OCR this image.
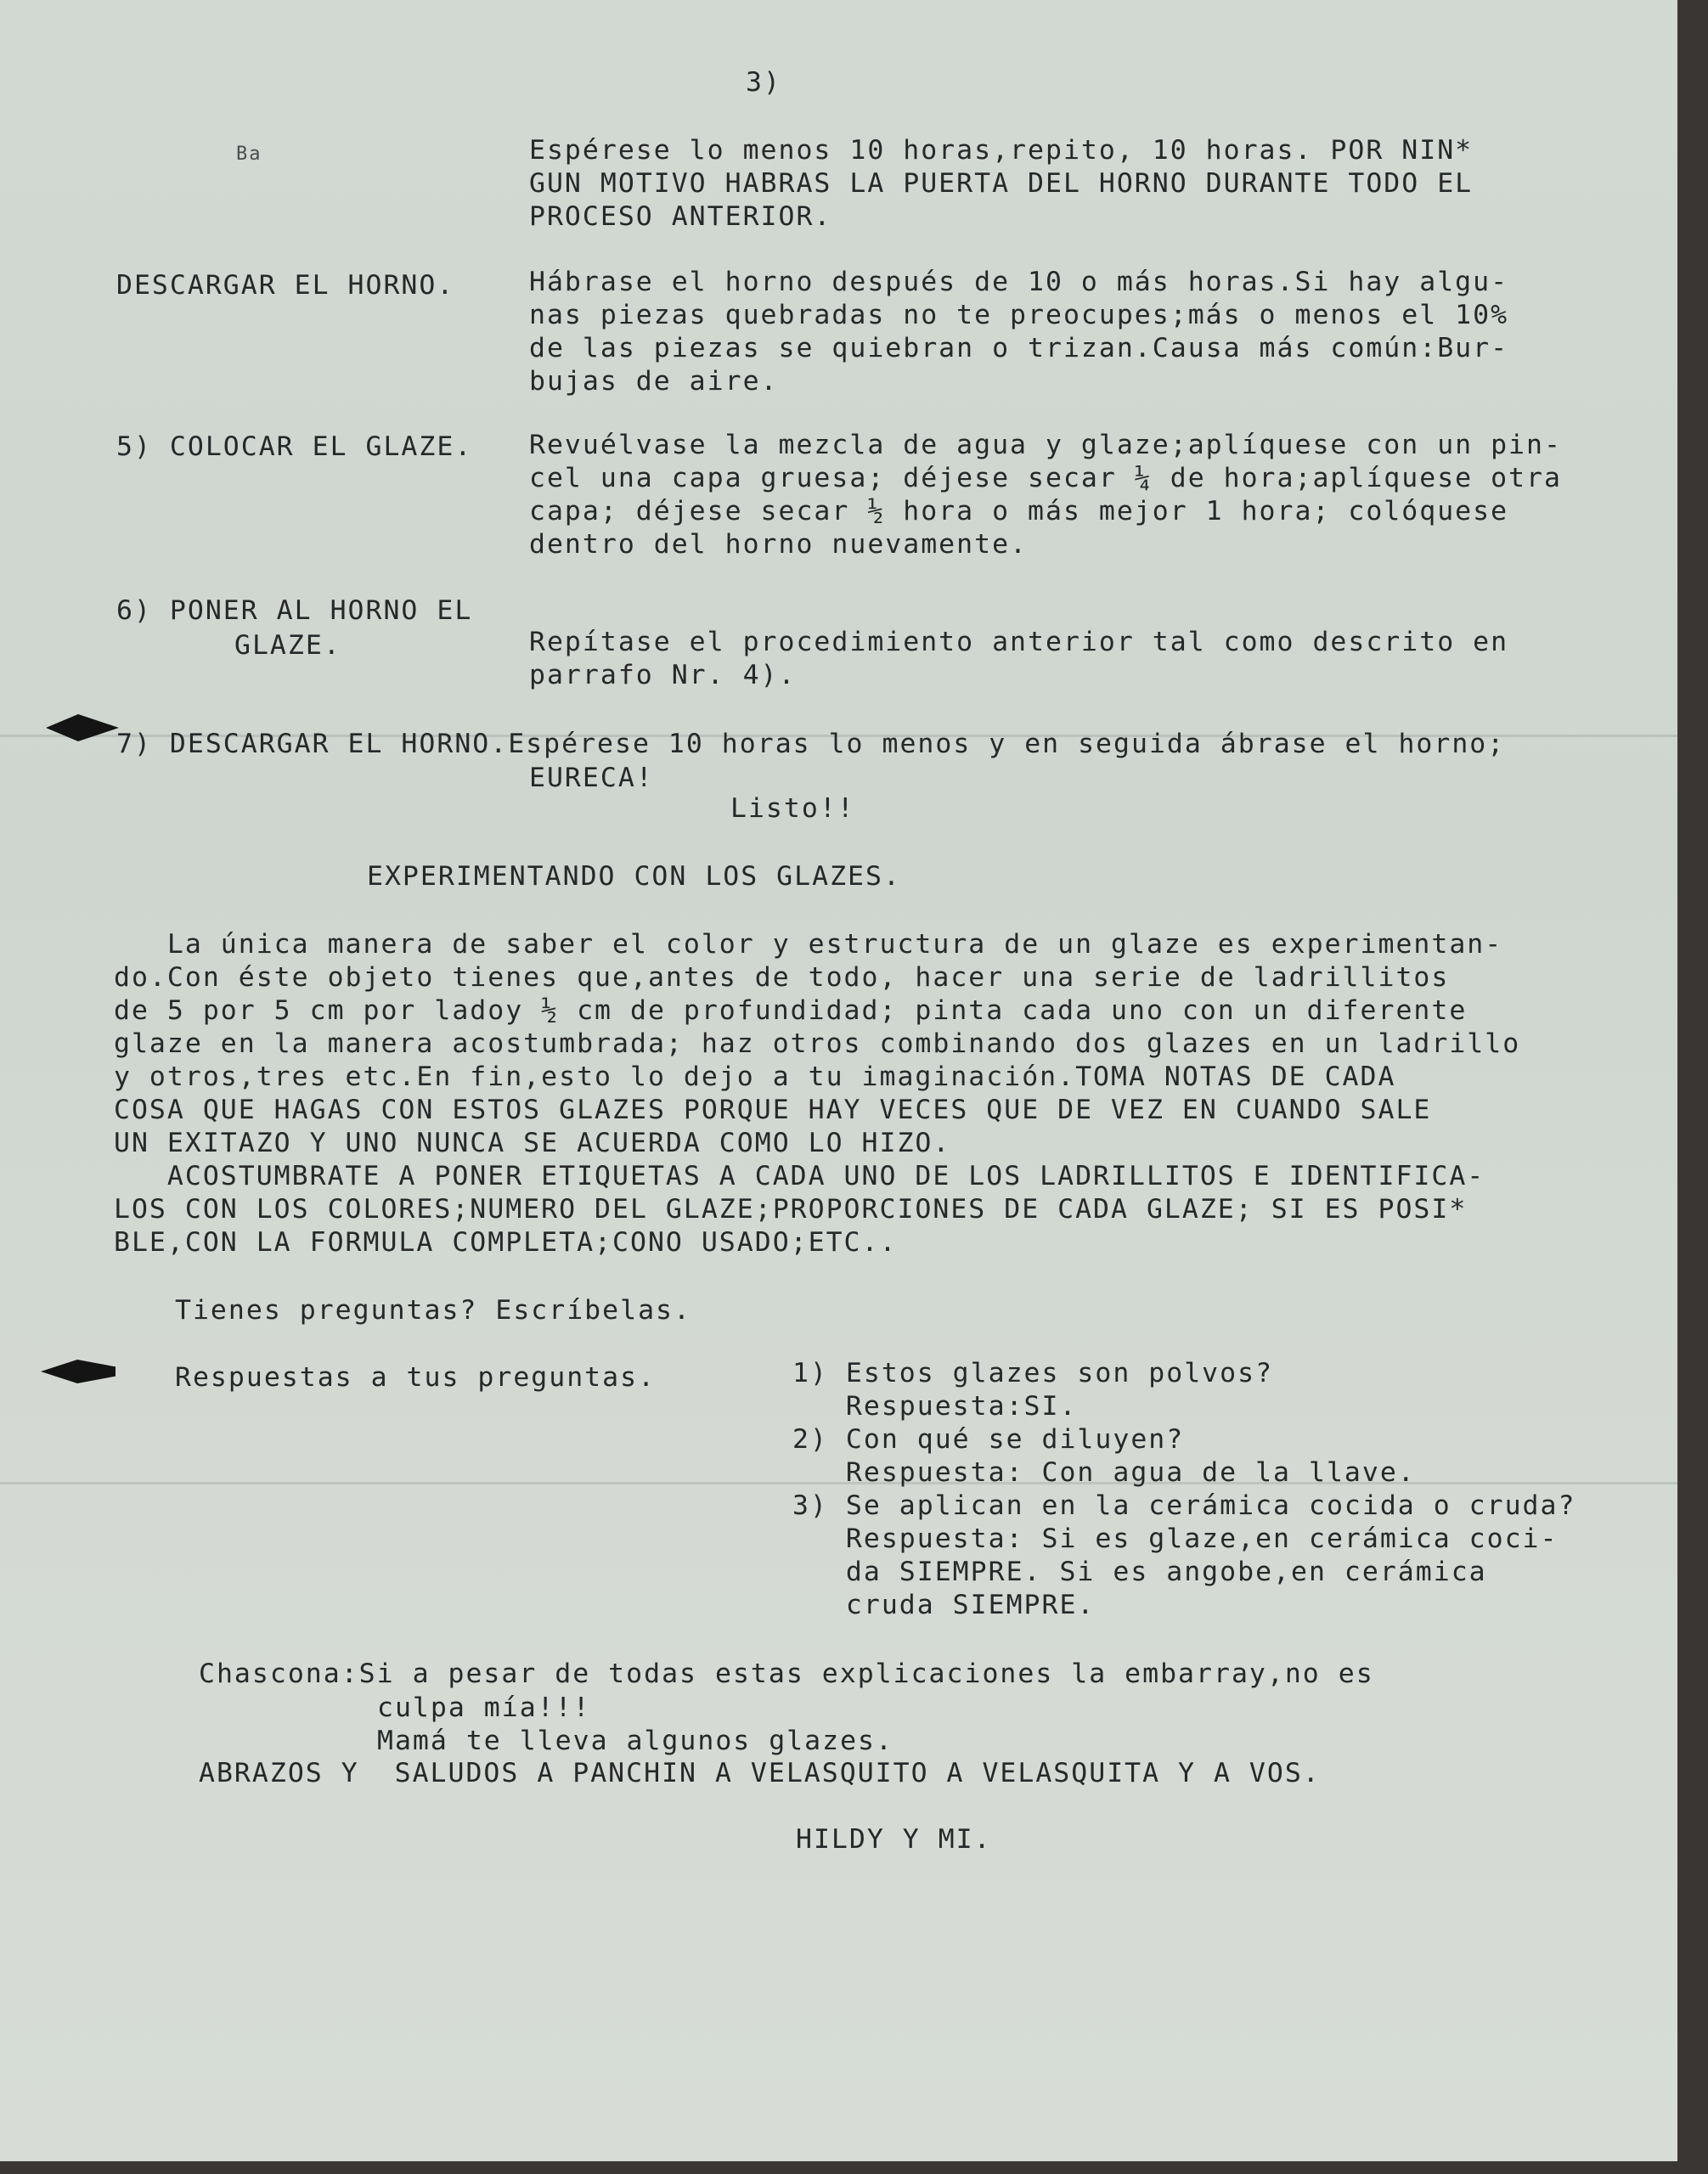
3)

Ba	Espérese lo menos 10 horas,repito, 10 horas. POR NIN*
GUN MOTIVO HABRAS LA PUERTA DEL HORNO DURANTE TODO EL
PROCESO ANTERIOR.

DESCARGAR EL HORNO.	Hábrase el horno después de 10 o más horas.Si hay algu-
nas piezas quebradas no te preocupes;más o menos el 10%
de las piezas se quiebran o trizan.Causa más común:Bur-
bujas de aire.

5) COLOCAR EL GLAZE. Revuélvase la mezcla de agua y glaze;aplíquese con un pin-
cel una capa gruesa; déjese secar ¼ de hora;aplíquese otra
capa; déjese secar ½ hora o más mejor 1 hora; colóquese
dentro del horno nuevamente.

6) PONER AL HORNO EL

GLAZE.	Repítase el procedimiento anterior tal como descrito en
parrafo Nr. 4).

7) DESCARGAR EL HORNO.Espérese 10 horas lo menos y en seguida ábrase el horno;

EURECA!

Listo!!

EXPERIMENTANDO CON LOS GLAZES.

La única manera de saber el color y estructura de un glaze es experimentan-
do.Con éste objeto tienes que,antes de todo, hacer una serie de ladrillitos
de 5 por 5 cm por ladoy ½ cm de profundidad; pinta cada uno con un diferente
glaze en la manera acostumbrada; haz otros combinando dos glazes en un ladrillo
y otros,tres etc.En fin,esto lo dejo a tu imaginación.TOMA NOTAS DE CADA
COSA QUE HAGAS CON ESTOS GLAZES PORQUE HAY VECES QUE DE VEZ EN CUANDO SALE
UN EXITAZO Y UNO NUNCA SE ACUERDA COMO LO HIZO.
ACOSTUMBRATE A PONER ETIQUETAS A CADA UNO DE LOS LADRILLITOS E IDENTIFICA-
LOS CON LOS COLORES;NUMERO DEL GLAZE;PROPORCIONES DE CADA GLAZE; SI ES POSI*
BLE,CON LA FORMULA COMPLETA;CONO USADO;ETC..

Tienes preguntas? Escríbelas.

Respuestas a tus preguntas.	1) Estos glazes son polvos?
Respuesta:SI.
2) Con qué se diluyen?
Respuesta: Con agua de la llave.
3) Se aplican en la cerámica cocida o cruda?
Respuesta: Si es glaze,en cerámica coci-
da SIEMPRE. Si es angobe,en cerámica
cruda SIEMPRE.

Chascona:Si a pesar de todas estas explicaciones la embarray,no es

culpa mía!!!

Mamá te lleva algunos glazes.

ABRAZOS Y  SALUDOS A PANCHIN A VELASQUITO A VELASQUITA Y A VOS.

HILDY Y MI.
